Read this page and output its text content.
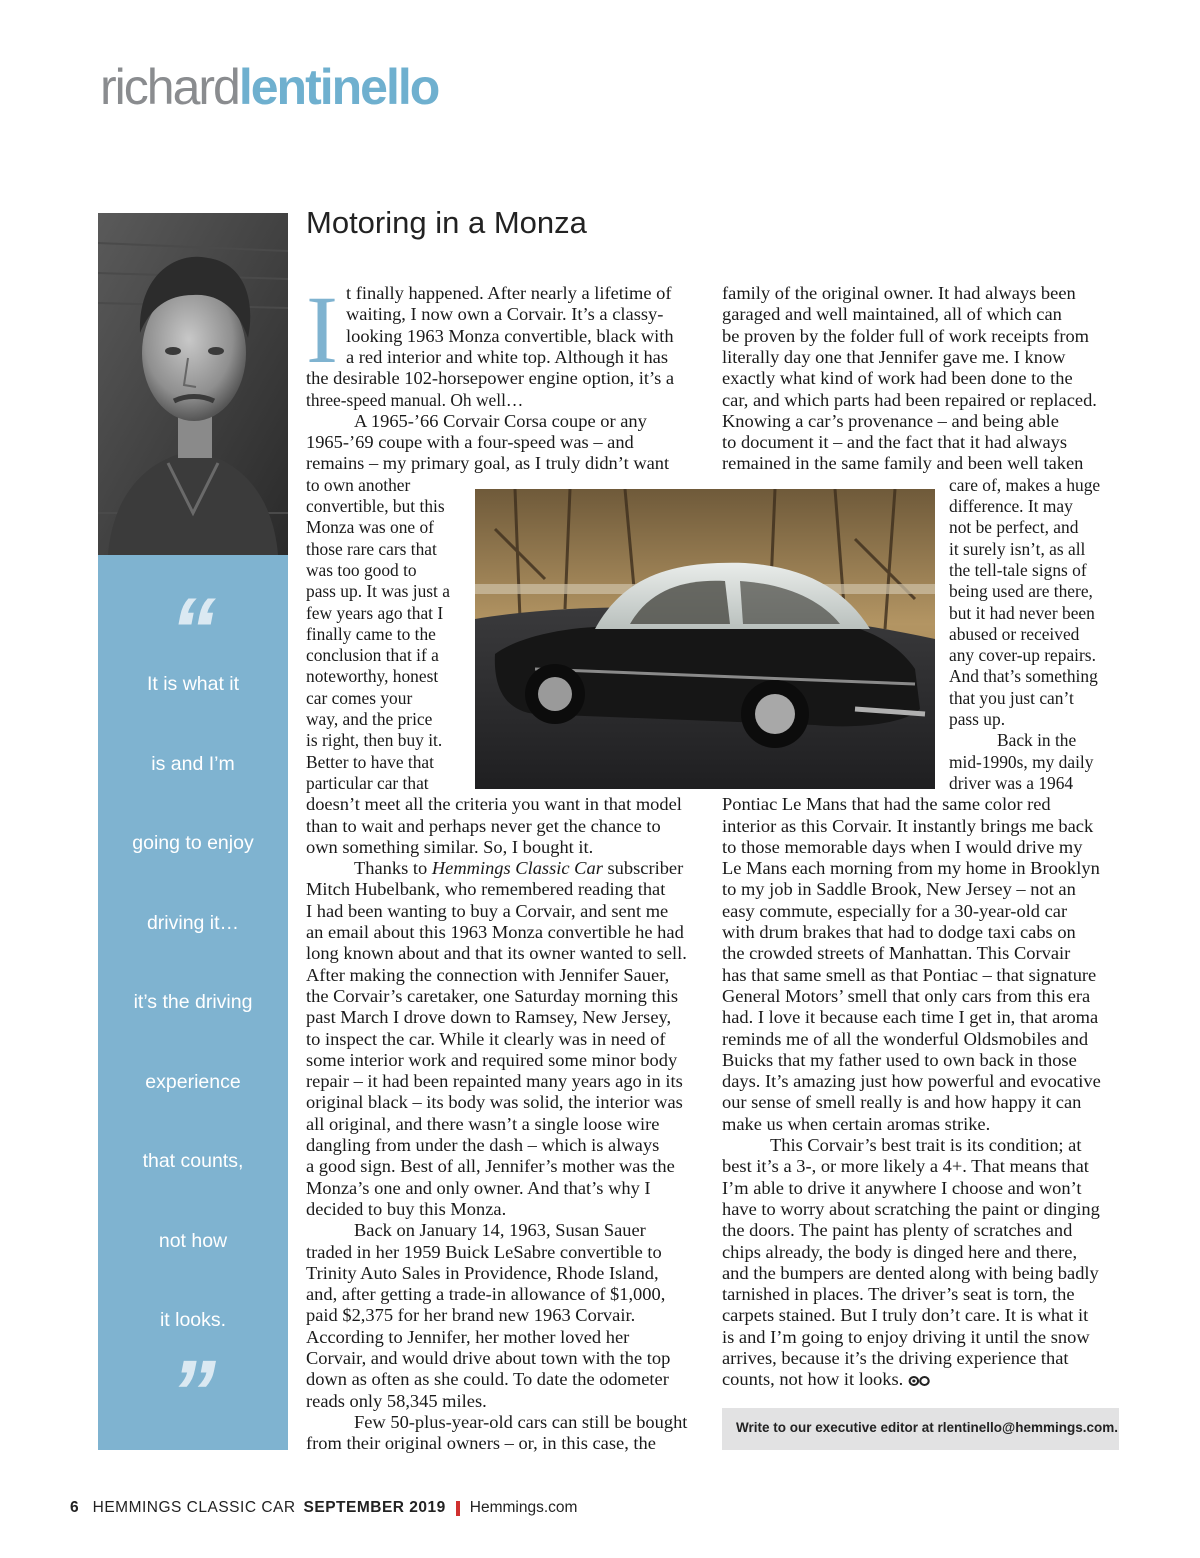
richardlentinello
Motoring in a Monza
“
It is what it
is and I’m
going to enjoy
driving it…
it’s the driving
experience
that counts,
not how
it looks.
”
I t finally happened. After nearly a lifetime of
waiting, I now own a Corvair. It’s a classy-
looking 1963 Monza convertible, black with
a red interior and white top. Although it has
the desirable 102-horsepower engine option, it’s a
three-speed manual. Oh well…
A 1965-’66 Corvair Corsa coupe or any
1965-’69 coupe with a four-speed was – and
remains – my primary goal, as I truly didn’t want
to own another
convertible, but this
Monza was one of
those rare cars that
was too good to
pass up. It was just a
few years ago that I
finally came to the
conclusion that if a
noteworthy, honest
car comes your
way, and the price
is right, then buy it.
Better to have that
particular car that
doesn’t meet all the criteria you want in that model
than to wait and perhaps never get the chance to
own something similar. So, I bought it.
Thanks to Hemmings Classic Car subscriber
Mitch Hubelbank, who remembered reading that
I had been wanting to buy a Corvair, and sent me
an email about this 1963 Monza convertible he had
long known about and that its owner wanted to sell.
After making the connection with Jennifer Sauer,
the Corvair’s caretaker, one Saturday morning this
past March I drove down to Ramsey, New Jersey,
to inspect the car. While it clearly was in need of
some interior work and required some minor body
repair – it had been repainted many years ago in its
original black – its body was solid, the interior was
all original, and there wasn’t a single loose wire
dangling from under the dash – which is always
a good sign. Best of all, Jennifer’s mother was the
Monza’s one and only owner. And that’s why I
decided to buy this Monza.
Back on January 14, 1963, Susan Sauer
traded in her 1959 Buick LeSabre convertible to
Trinity Auto Sales in Providence, Rhode Island,
and, after getting a trade-in allowance of $1,000,
paid $2,375 for her brand new 1963 Corvair.
According to Jennifer, her mother loved her
Corvair, and would drive about town with the top
down as often as she could. To date the odometer
reads only 58,345 miles.
Few 50-plus-year-old cars can still be bought
from their original owners – or, in this case, the
family of the original owner. It had always been
garaged and well maintained, all of which can
be proven by the folder full of work receipts from
literally day one that Jennifer gave me. I know
exactly what kind of work had been done to the
car, and which parts had been repaired or replaced.
Knowing a car’s provenance – and being able
to document it – and the fact that it had always
remained in the same family and been well taken
care of, makes a huge
difference. It may
not be perfect, and
it surely isn’t, as all
the tell-tale signs of
being used are there,
but it had never been
abused or received
any cover-up repairs.
And that’s something
that you just can’t
pass up.
Back in the
mid-1990s, my daily
driver was a 1964
Pontiac Le Mans that had the same color red
interior as this Corvair. It instantly brings me back
to those memorable days when I would drive my
Le Mans each morning from my home in Brooklyn
to my job in Saddle Brook, New Jersey – not an
easy commute, especially for a 30-year-old car
with drum brakes that had to dodge taxi cabs on
the crowded streets of Manhattan. This Corvair
has that same smell as that Pontiac – that signature
General Motors’ smell that only cars from this era
had. I love it because each time I get in, that aroma
reminds me of all the wonderful Oldsmobiles and
Buicks that my father used to own back in those
days. It’s amazing just how powerful and evocative
our sense of smell really is and how happy it can
make us when certain aromas strike.
This Corvair’s best trait is its condition; at
best it’s a 3-, or more likely a 4+. That means that
I’m able to drive it anywhere I choose and won’t
have to worry about scratching the paint or dinging
the doors. The paint has plenty of scratches and
chips already, the body is dinged here and there,
and the bumpers are dented along with being badly
tarnished in places. The driver’s seat is torn, the
carpets stained. But I truly don’t care. It is what it
is and I’m going to enjoy driving it until the snow
arrives, because it’s the driving experience that
counts, not how it looks.
Write to our executive editor at rlentinello@hemmings.com.
6 HEMMINGS CLASSIC CAR SEPTEMBER 2019 Hemmings.com
